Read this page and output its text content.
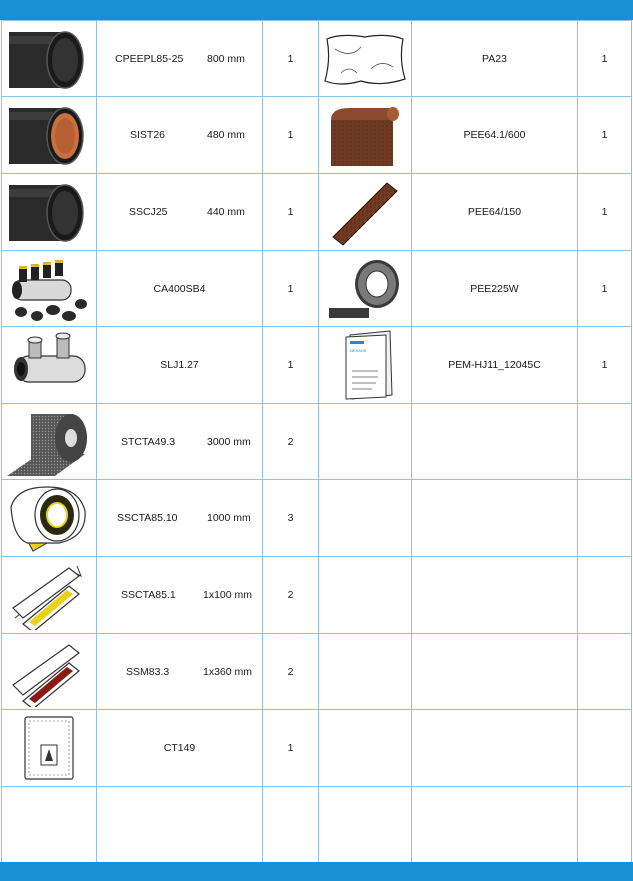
CPEEPL85-25 800 mm	1		PA23	1

SIST26 480 mm	1		PEE64.1/600	1

SSCJ25 440 mm	1		PEE64/150	1

	CA400SB4	1		PEE225W	1

	SLJ1.27	1	NEXANS	PEM-HJ11_12045C	1

STCTA49.3 3000 mm	2			

SSCTA85.10 1000 mm	3			

SSCTA85.1 1x100 mm	2			

SSM83.3 1x360 mm	2			

	CT149	1			
